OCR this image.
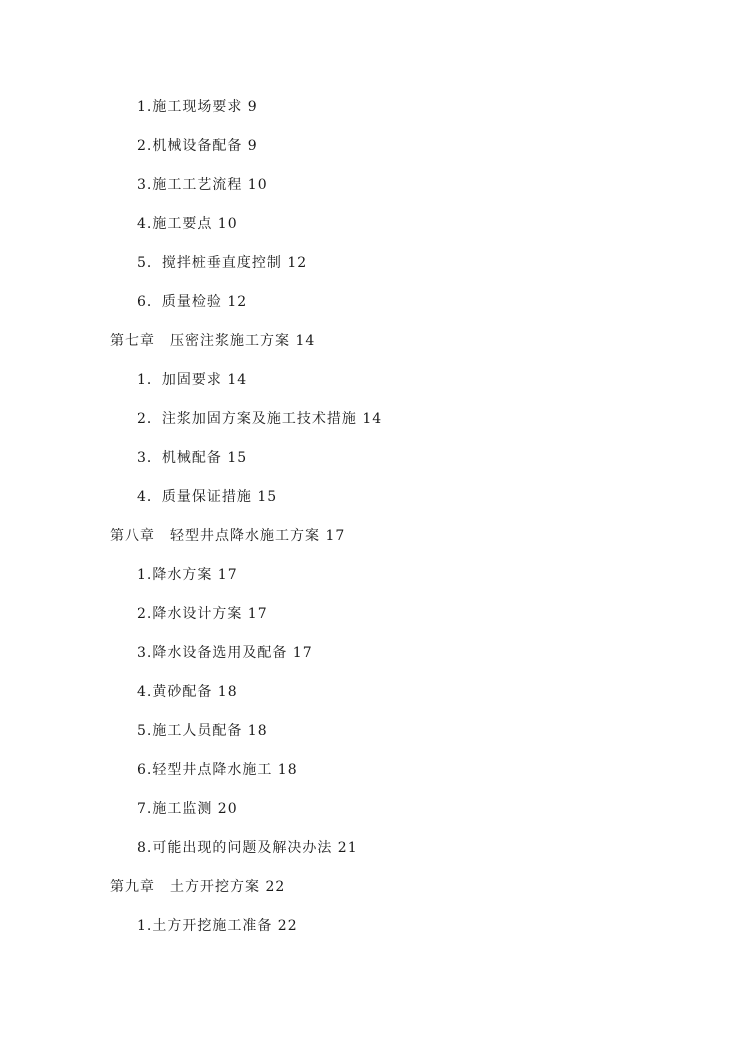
1.施工现场要求 9
2.机械设备配备 9
3.施工工艺流程 10
4.施工要点 10
5．搅拌桩垂直度控制 12
6．质量检验 12
第七章　压密注浆施工方案 14
1．加固要求 14
2．注浆加固方案及施工技术措施 14
3．机械配备 15
4．质量保证措施 15
第八章　轻型井点降水施工方案 17
1.降水方案 17
2.降水设计方案 17
3.降水设备选用及配备 17
4.黄砂配备 18
5.施工人员配备 18
6.轻型井点降水施工 18
7.施工监测 20
8.可能出现的问题及解决办法 21
第九章　土方开挖方案 22
1.土方开挖施工准备 22
